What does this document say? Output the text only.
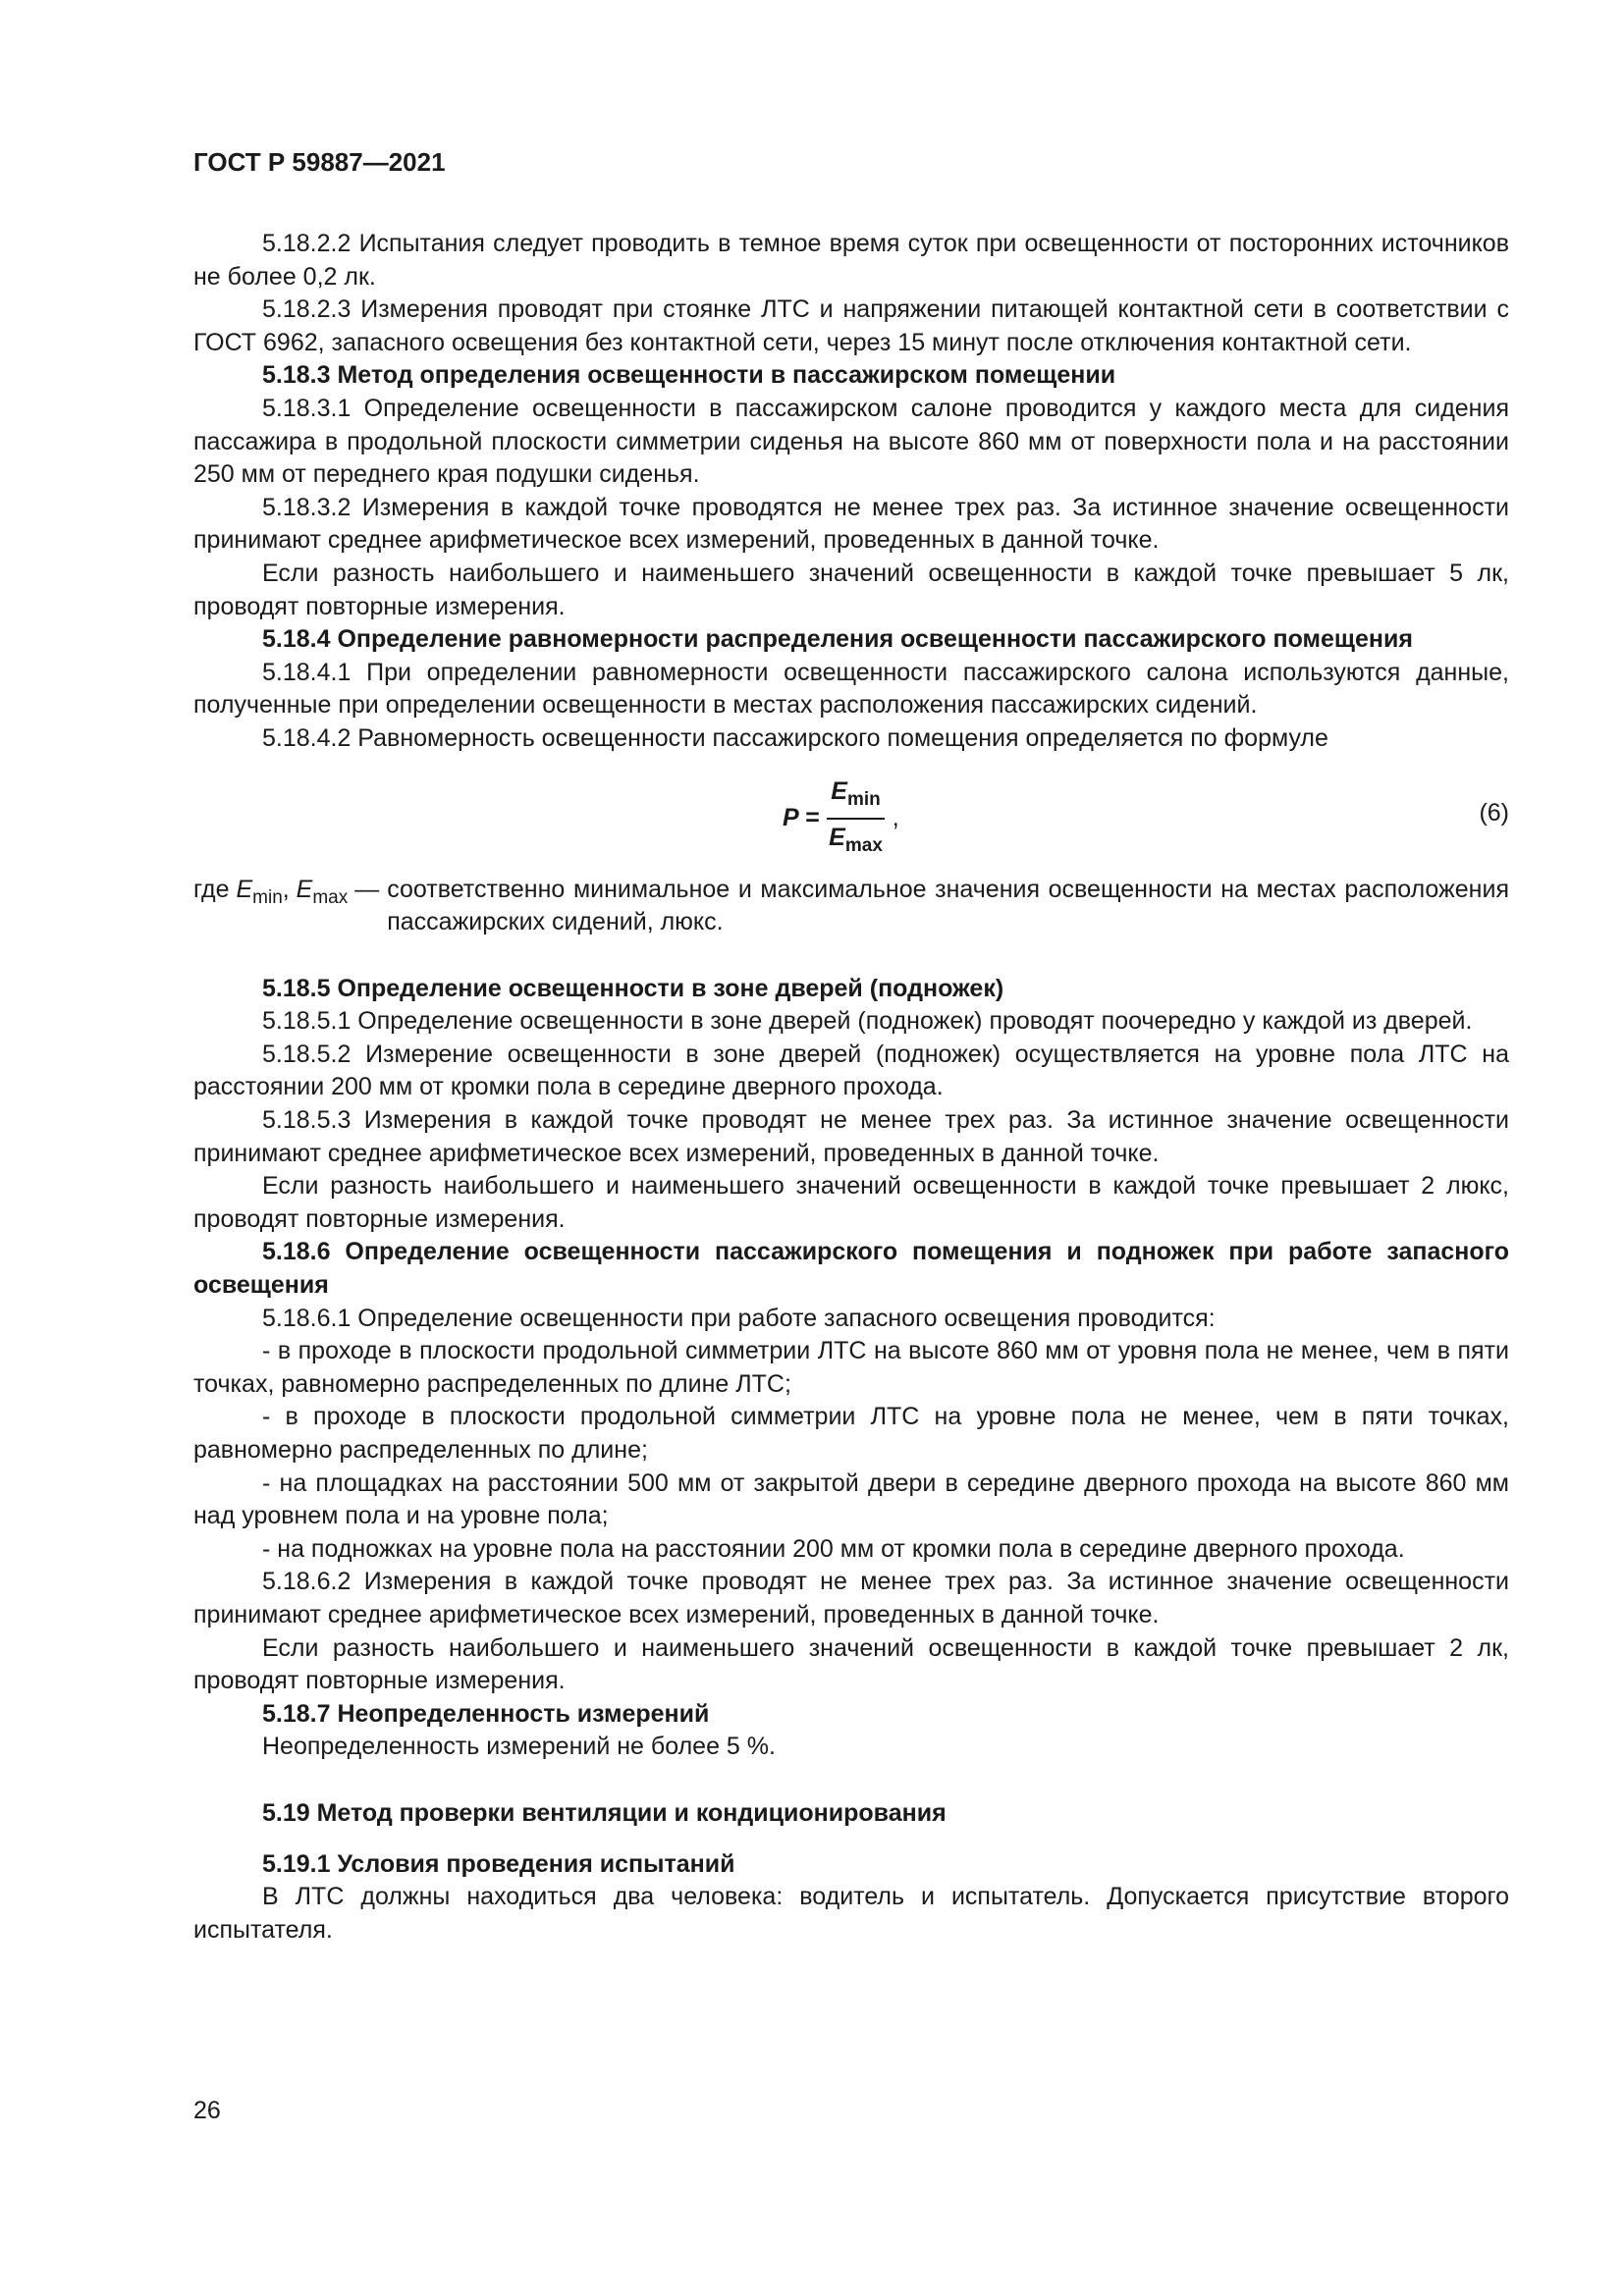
ГОСТ Р 59887—2021

5.18.2.2 Испытания следует проводить в темное время суток при освещенности от посторонних источников не более 0,2 лк.

5.18.2.3 Измерения проводят при стоянке ЛТС и напряжении питающей контактной сети в соответствии с ГОСТ 6962, запасного освещения без контактной сети, через 15 минут после отключения контактной сети.

5.18.3 Метод определения освещенности в пассажирском помещении

5.18.3.1 Определение освещенности в пассажирском салоне проводится у каждого места для сидения пассажира в продольной плоскости симметрии сиденья на высоте 860 мм от поверхности пола и на расстоянии 250 мм от переднего края подушки сиденья.

5.18.3.2 Измерения в каждой точке проводятся не менее трех раз. За истинное значение освещенности принимают среднее арифметическое всех измерений, проведенных в данной точке.

Если разность наибольшего и наименьшего значений освещенности в каждой точке превышает 5 лк, проводят повторные измерения.

5.18.4 Определение равномерности распределения освещенности пассажирского помещения

5.18.4.1 При определении равномерности освещенности пассажирского салона используются данные, полученные при определении освещенности в местах расположения пассажирских сидений.

5.18.4.2 Равномерность освещенности пассажирского помещения определяется по формуле

$P = \frac{E_{min}}{E_{max}}$ ,	(6)
где $E_{min}$, $E_{max}$ — соответственно минимальное и максимальное значения освещенности на местах расположения пассажирских сидений, люкс.

5.18.5 Определение освещенности в зоне дверей (подножек)

5.18.5.1 Определение освещенности в зоне дверей (подножек) проводят поочередно у каждой из дверей.

5.18.5.2 Измерение освещенности в зоне дверей (подножек) осуществляется на уровне пола ЛТС на расстоянии 200 мм от кромки пола в середине дверного прохода.

5.18.5.3 Измерения в каждой точке проводят не менее трех раз. За истинное значение освещенности принимают среднее арифметическое всех измерений, проведенных в данной точке.

Если разность наибольшего и наименьшего значений освещенности в каждой точке превышает 2 люкс, проводят повторные измерения.

5.18.6 Определение освещенности пассажирского помещения и подножек при работе запасного освещения

5.18.6.1 Определение освещенности при работе запасного освещения проводится:

- в проходе в плоскости продольной симметрии ЛТС на высоте 860 мм от уровня пола не менее, чем в пяти точках, равномерно распределенных по длине ЛТС;

- в проходе в плоскости продольной симметрии ЛТС на уровне пола не менее, чем в пяти точках, равномерно распределенных по длине;

- на площадках на расстоянии 500 мм от закрытой двери в середине дверного прохода на высоте 860 мм над уровнем пола и на уровне пола;

- на подножках на уровне пола на расстоянии 200 мм от кромки пола в середине дверного прохода.

5.18.6.2 Измерения в каждой точке проводят не менее трех раз. За истинное значение освещенности принимают среднее арифметическое всех измерений, проведенных в данной точке.

Если разность наибольшего и наименьшего значений освещенности в каждой точке превышает 2 лк, проводят повторные измерения.

5.18.7 Неопределенность измерений

Неопределенность измерений не более 5 %.

5.19 Метод проверки вентиляции и кондиционирования

5.19.1 Условия проведения испытаний

В ЛТС должны находиться два человека: водитель и испытатель. Допускается присутствие второго испытателя.

26
